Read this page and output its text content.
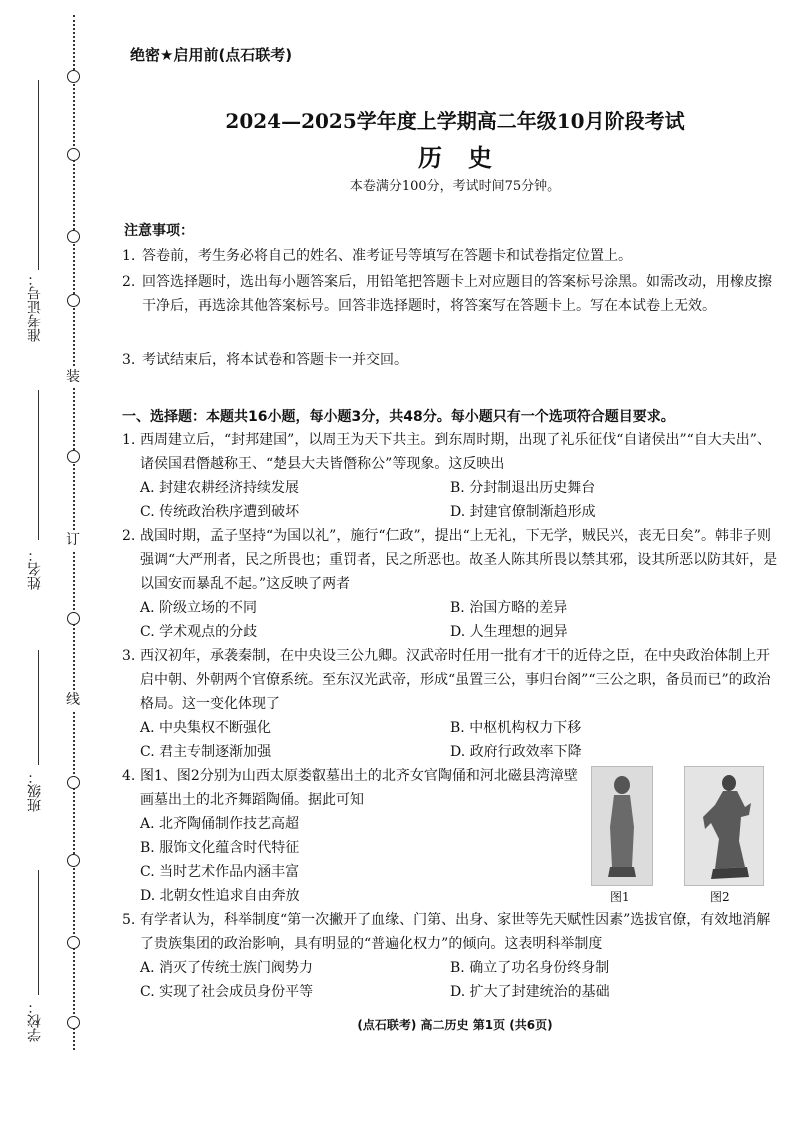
装
订
线
准考证号：
姓名：
班级：
学校：
绝密★启用前(点石联考)
2024—2025学年度上学期高二年级10月阶段考试
历史
本卷满分100分，考试时间75分钟。
注意事项：
1. 答卷前，考生务必将自己的姓名、准考证号等填写在答题卡和试卷指定位置上。
2. 回答选择题时，选出每小题答案后，用铅笔把答题卡上对应题目的答案标号涂黑。如需改动，用橡皮擦干净后，再选涂其他答案标号。回答非选择题时，将答案写在答题卡上。写在本试卷上无效。
3. 考试结束后，将本试卷和答题卡一并交回。
一、选择题：本题共16小题，每小题3分，共48分。每小题只有一个选项符合题目要求。
1. 西周建立后，“封邦建国”，以周王为天下共主。到东周时期，出现了礼乐征伐“自诸侯出”“自大夫出”、诸侯国君僭越称王、“楚县大夫皆僭称公”等现象。这反映出
A. 封建农耕经济持续发展	B. 分封制退出历史舞台
C. 传统政治秩序遭到破坏	D. 封建官僚制渐趋形成
2. 战国时期，孟子坚持“为国以礼”，施行“仁政”，提出“上无礼，下无学，贼民兴，丧无日矣”。韩非子则强调“大严刑者，民之所畏也；重罚者，民之所恶也。故圣人陈其所畏以禁其邪，设其所恶以防其奸，是以国安而暴乱不起。”这反映了两者
A. 阶级立场的不同	B. 治国方略的差异
C. 学术观点的分歧	D. 人生理想的迥异
3. 西汉初年，承袭秦制，在中央设三公九卿。汉武帝时任用一批有才干的近侍之臣，在中央政治体制上开启中朝、外朝两个官僚系统。至东汉光武帝，形成“虽置三公，事归台阁”“三公之职，备员而已”的政治格局。这一变化体现了
A. 中央集权不断强化	B. 中枢机构权力下移
C. 君主专制逐渐加强	D. 政府行政效率下降
4. 图1、图2分别为山西太原娄叡墓出土的北齐女官陶俑和河北磁县湾漳壁画墓出土的北齐舞蹈陶俑。据此可知
A. 北齐陶俑制作技艺高超
B. 服饰文化蕴含时代特征
C. 当时艺术作品内涵丰富
D. 北朝女性追求自由奔放	图1	图2
5. 有学者认为，科举制度“第一次撇开了血缘、门第、出身、家世等先天赋性因素”选拔官僚，有效地消解了贵族集团的政治影响，具有明显的“普遍化权力”的倾向。这表明科举制度
A. 消灭了传统士族门阀势力	B. 确立了功名身份终身制
C. 实现了社会成员身份平等	D. 扩大了封建统治的基础
(点石联考) 高二历史 第1页 (共6页)
